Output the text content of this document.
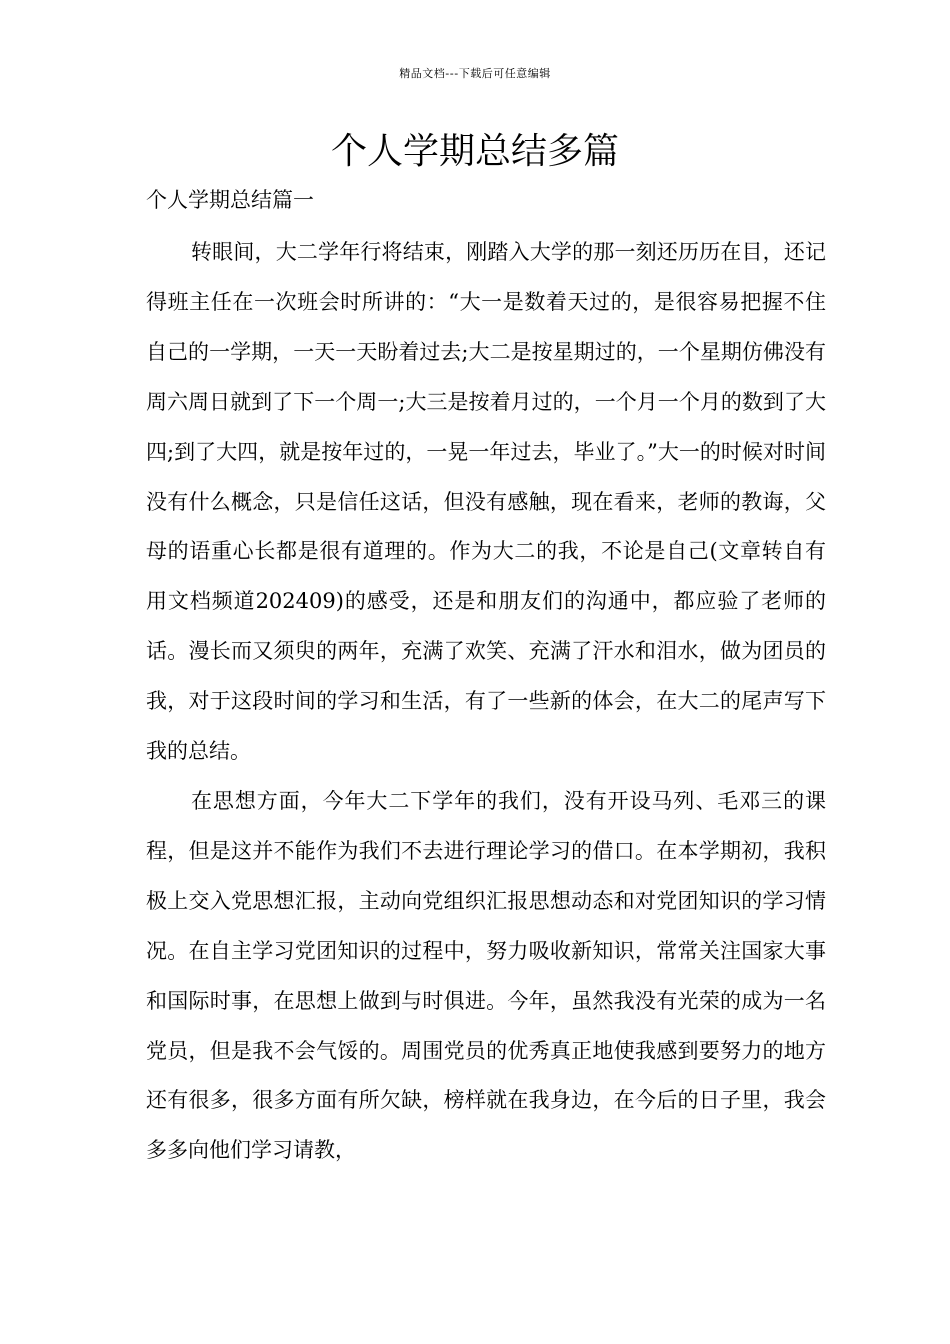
精品文档---下载后可任意编辑
个人学期总结多篇
个人学期总结篇一

转眼间，大二学年行将结束，刚踏入大学的那一刻还历历在目，还记得班主任在一次班会时所讲的：“大一是数着天过的，是很容易把握不住自己的一学期，一天一天盼着过去;大二是按星期过的，一个星期仿佛没有周六周日就到了下一个周一;大三是按着月过的，一个月一个月的数到了大四;到了大四，就是按年过的，一晃一年过去，毕业了。”大一的时候对时间没有什么概念，只是信任这话，但没有感触，现在看来，老师的教诲，父母的语重心长都是很有道理的。作为大二的我，不论是自己(文章转自有用文档频道202409)的感受，还是和朋友们的沟通中，都应验了老师的话。漫长而又须臾的两年，充满了欢笑、充满了汗水和泪水，做为团员的我，对于这段时间的学习和生活，有了一些新的体会，在大二的尾声写下我的总结。

在思想方面，今年大二下学年的我们，没有开设马列、毛邓三的课程，但是这并不能作为我们不去进行理论学习的借口。在本学期初，我积极上交入党思想汇报，主动向党组织汇报思想动态和对党团知识的学习情况。在自主学习党团知识的过程中，努力吸收新知识，常常关注国家大事和国际时事，在思想上做到与时俱进。今年，虽然我没有光荣的成为一名党员，但是我不会气馁的。周围党员的优秀真正地使我感到要努力的地方还有很多，很多方面有所欠缺，榜样就在我身边，在今后的日子里，我会多多向他们学习请教，
